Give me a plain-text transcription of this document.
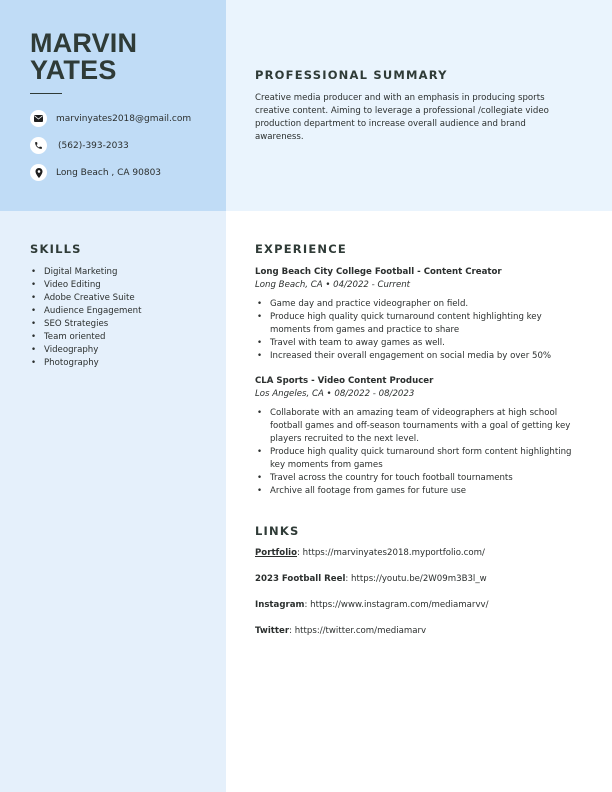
MARVIN
YATES
marvinyates2018@gmail.com
(562)-393-2033
Long Beach , CA 90803
PROFESSIONAL SUMMARY
Creative media producer and with an emphasis in producing sports creative content. Aiming to leverage a professional /collegiate video production department to increase overall audience and brand awareness.
SKILLS
• Digital Marketing
• Video Editing
• Adobe Creative Suite
• Audience Engagement
• SEO Strategies
• Team oriented
• Videography
• Photography
EXPERIENCE
Long Beach City College Football - Content Creator
Long Beach, CA • 04/2022 - Current
• Game day and practice videographer on field.
• Produce high quality quick turnaround content highlighting key moments from games and practice to share
• Travel with team to away games as well.
• Increased their overall engagement on social media by over 50%
CLA Sports - Video Content Producer
Los Angeles, CA • 08/2022 - 08/2023
• Collaborate with an amazing team of videographers at high school football games and off-season tournaments with a goal of getting key players recruited to the next level.
• Produce high quality quick turnaround short form content highlighting key moments from games
• Travel across the country for touch football tournaments
• Archive all footage from games for future use
LINKS
Portfolio: https://marvinyates2018.myportfolio.com/
2023 Football Reel: https://youtu.be/2W09m3B3l_w
Instagram: https://www.instagram.com/mediamarvv/
Twitter: https://twitter.com/mediamarv
